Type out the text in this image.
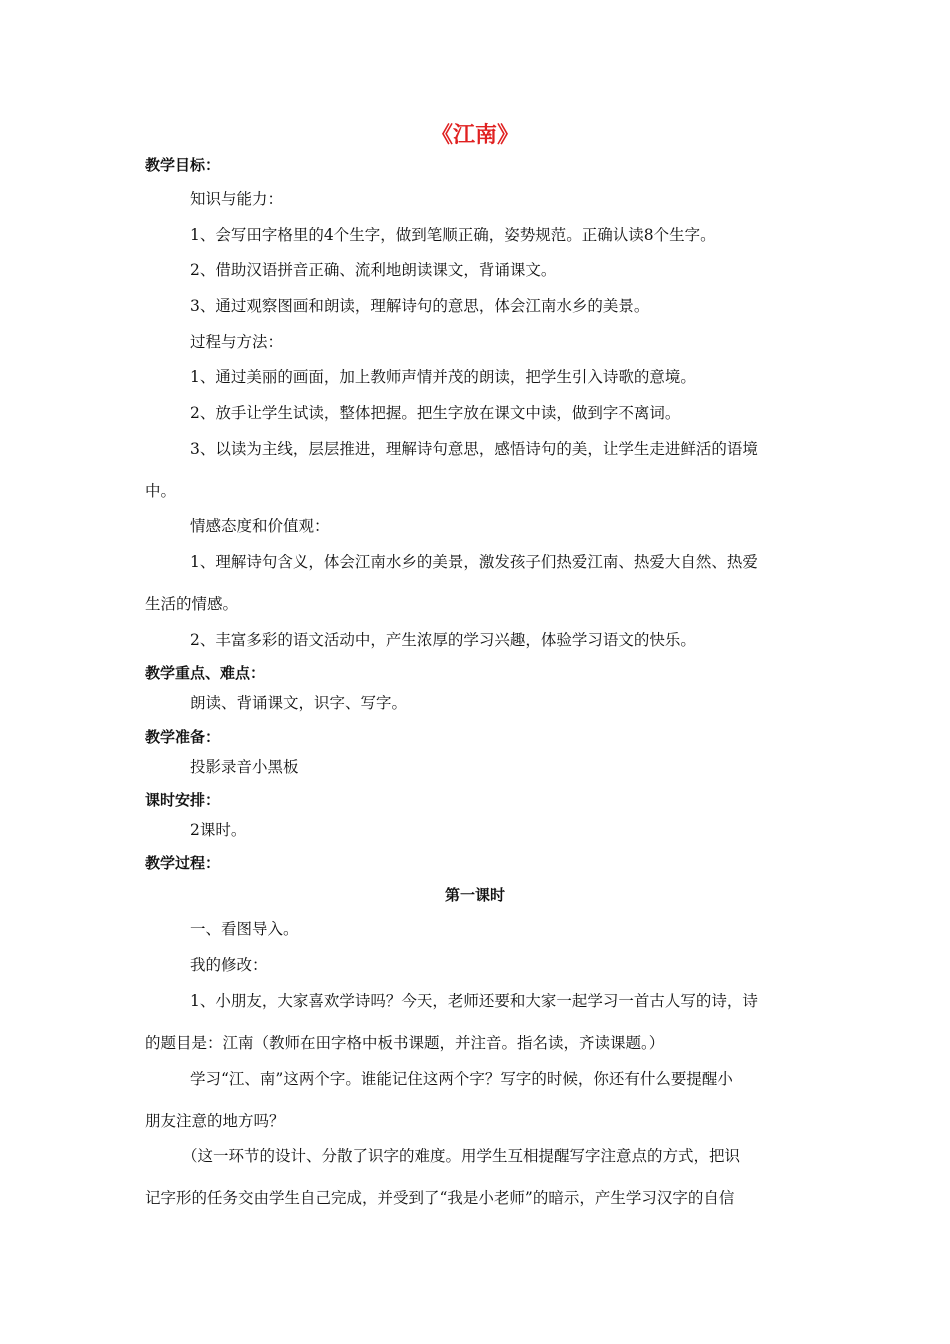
《江南》
教学目标：
知识与能力：
1、会写田字格里的4个生字，做到笔顺正确，姿势规范。正确认读8个生字。
2、借助汉语拼音正确、流利地朗读课文，背诵课文。
3、通过观察图画和朗读，理解诗句的意思，体会江南水乡的美景。
过程与方法：
1、通过美丽的画面，加上教师声情并茂的朗读，把学生引入诗歌的意境。
2、放手让学生试读，整体把握。把生字放在课文中读，做到字不离词。
3、以读为主线，层层推进，理解诗句意思，感悟诗句的美，让学生走进鲜活的语境
中。
情感态度和价值观：
1、理解诗句含义，体会江南水乡的美景，激发孩子们热爱江南、热爱大自然、热爱
生活的情感。
2、丰富多彩的语文活动中，产生浓厚的学习兴趣，体验学习语文的快乐。
教学重点、难点：
朗读、背诵课文，识字、写字。
教学准备：
投影录音小黑板
课时安排：
2课时。
教学过程：
第一课时
一、看图导入。
我的修改：
1、小朋友，大家喜欢学诗吗？今天，老师还要和大家一起学习一首古人写的诗，诗
的题目是：江南（教师在田字格中板书课题，并注音。指名读，齐读课题。）
学习“江、南”这两个字。谁能记住这两个字？写字的时候，你还有什么要提醒小
朋友注意的地方吗？
（这一环节的设计、分散了识字的难度。用学生互相提醒写字注意点的方式，把识
记字形的任务交由学生自己完成，并受到了“我是小老师”的暗示，产生学习汉字的自信
